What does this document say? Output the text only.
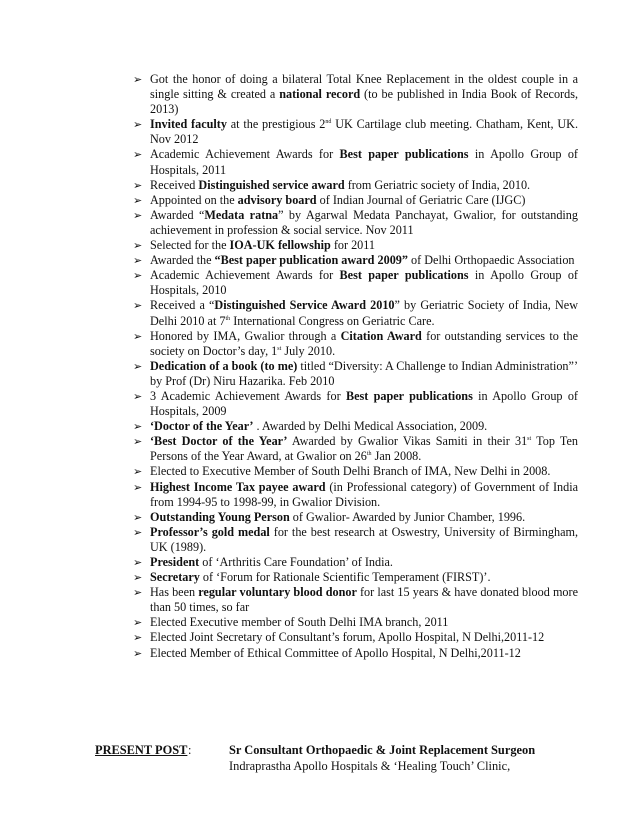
➢ Got the honor of doing a bilateral Total Knee Replacement in the oldest couple in a single sitting & created a national record (to be published in India Book of Records, 2013)
➢ Invited faculty at the prestigious 2nd UK Cartilage club meeting. Chatham, Kent, UK. Nov 2012
➢ Academic Achievement Awards for Best paper publications in Apollo Group of Hospitals, 2011
➢ Received Distinguished service award from Geriatric society of India, 2010.
➢ Appointed on the advisory board of Indian Journal of Geriatric Care (IJGC)
➢ Awarded “Medata ratna” by Agarwal Medata Panchayat, Gwalior, for outstanding achievement in profession & social service. Nov 2011
➢ Selected for the IOA-UK fellowship for 2011
➢ Awarded the “Best paper publication award 2009” of Delhi Orthopaedic Association
➢ Academic Achievement Awards for Best paper publications in Apollo Group of Hospitals, 2010
➢ Received a “Distinguished Service Award 2010” by Geriatric Society of India, New Delhi 2010 at 7th International Congress on Geriatric Care.
➢ Honored by IMA, Gwalior through a Citation Award for outstanding services to the society on Doctor’s day, 1st July 2010.
➢ Dedication of a book (to me) titled “Diversity: A Challenge to Indian Administration”’ by Prof (Dr) Niru Hazarika. Feb 2010
➢ 3 Academic Achievement Awards for Best paper publications in Apollo Group of Hospitals, 2009
➢ ‘Doctor of the Year’ . Awarded by Delhi Medical Association, 2009.
➢ ‘Best Doctor of the Year’ Awarded by Gwalior Vikas Samiti in their 31st Top Ten Persons of the Year Award, at Gwalior on 26th Jan 2008.
➢ Elected to Executive Member of South Delhi Branch of IMA, New Delhi in 2008.
➢ Highest Income Tax payee award (in Professional category) of Government of India from 1994-95 to 1998-99, in Gwalior Division.
➢ Outstanding Young Person of Gwalior- Awarded by Junior Chamber, 1996.
➢ Professor’s gold medal for the best research at Oswestry, University of Birmingham, UK (1989).
➢ President of ‘Arthritis Care Foundation’ of India.
➢ Secretary of ‘Forum for Rationale Scientific Temperament (FIRST)’.
➢ Has been regular voluntary blood donor for last 15 years & have donated blood more than 50 times, so far
➢ Elected Executive member of South Delhi IMA branch, 2011
➢ Elected Joint Secretary of Consultant’s forum, Apollo Hospital, N Delhi,2011-12
➢ Elected Member of Ethical Committee of Apollo Hospital, N Delhi,2011-12
PRESENT POST :	Sr Consultant Orthopaedic & Joint Replacement Surgeon
Indraprastha Apollo Hospitals & ‘Healing Touch’ Clinic,
